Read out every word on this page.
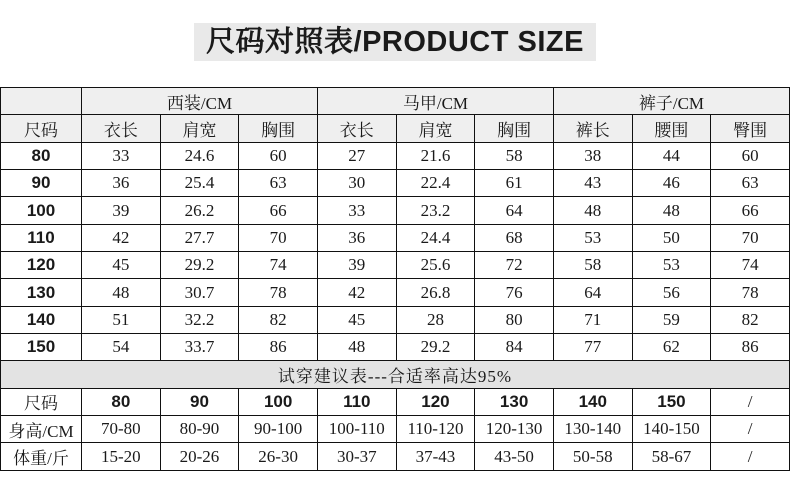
尺码对照表/PRODUCT SIZE
	西装/CM			马甲/CM			裤子/CM		
尺码	衣长	肩宽	胸围	衣长	肩宽	胸围	裤长	腰围	臀围
80	33	24.6	60	27	21.6	58	38	44	60
90	36	25.4	63	30	22.4	61	43	46	63
100	39	26.2	66	33	23.2	64	48	48	66
110	42	27.7	70	36	24.4	68	53	50	70
120	45	29.2	74	39	25.6	72	58	53	74
130	48	30.7	78	42	26.8	76	64	56	78
140	51	32.2	82	45	28	80	71	59	82
150	54	33.7	86	48	29.2	84	77	62	86
试穿建议表---合适率高达95%									
尺码	80	90	100	110	120	130	140	150	/
身高/CM	70-80	80-90	90-100	100-110	110-120	120-130	130-140	140-150	/
体重/斤	15-20	20-26	26-30	30-37	37-43	43-50	50-58	58-67	/
